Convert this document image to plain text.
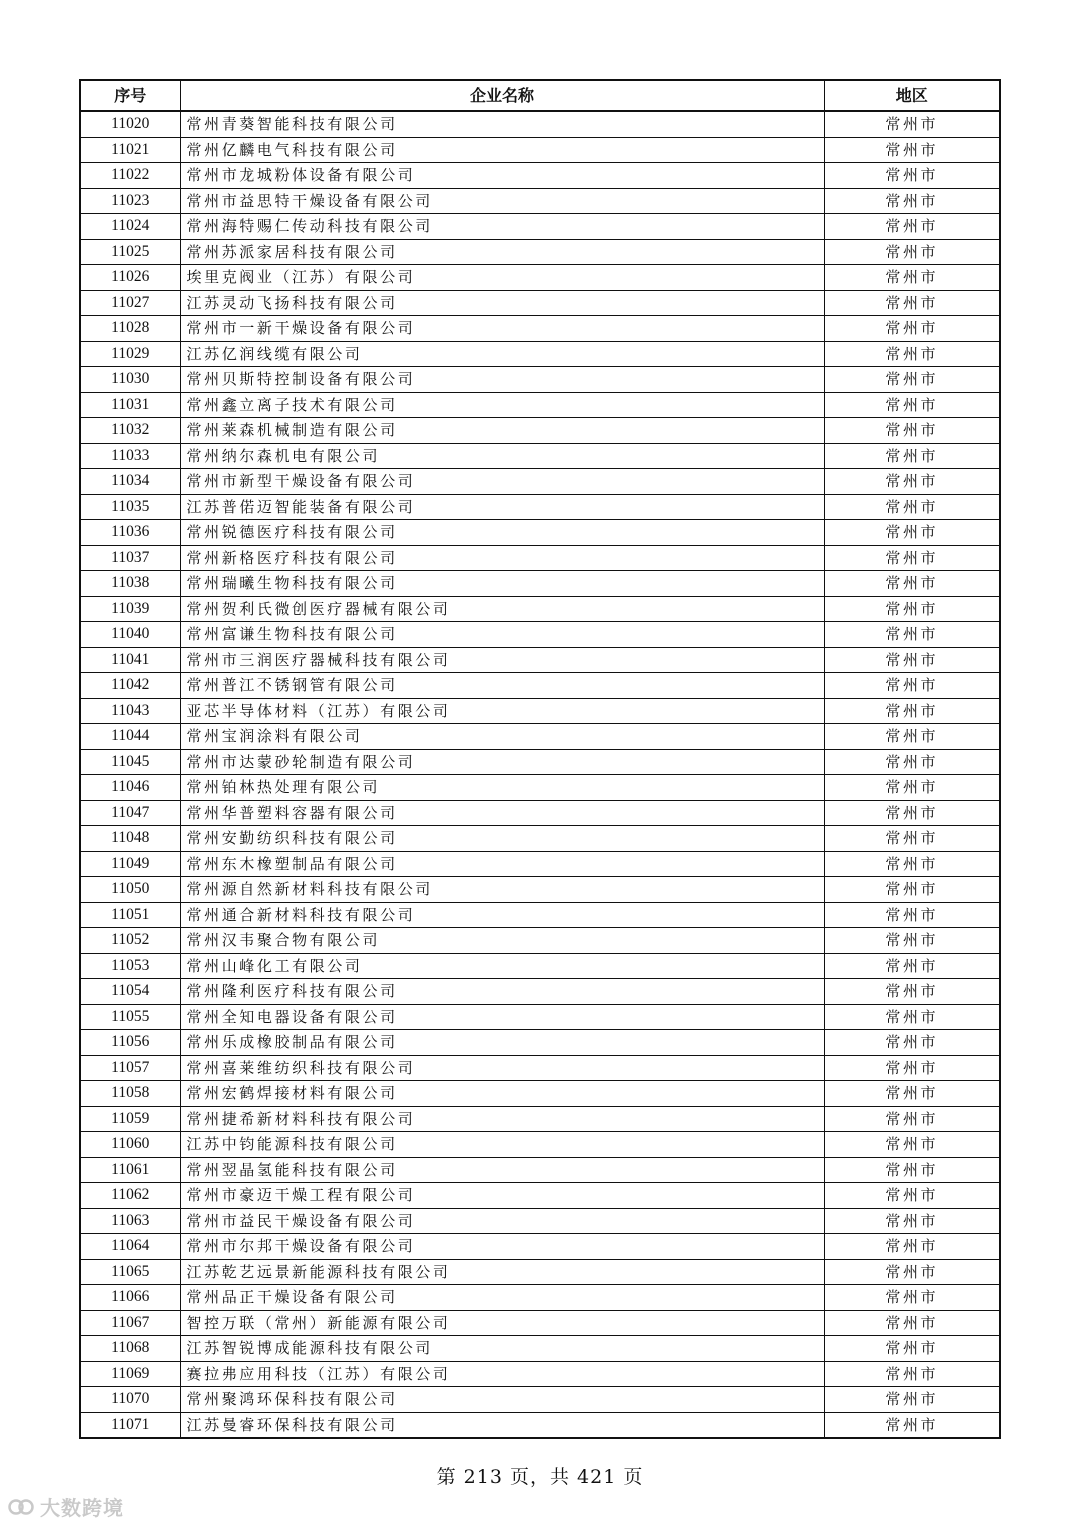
序号	企业名称	地区
11020	常州青葵智能科技有限公司	常州市
11021	常州亿麟电气科技有限公司	常州市
11022	常州市龙城粉体设备有限公司	常州市
11023	常州市益思特干燥设备有限公司	常州市
11024	常州海特赐仁传动科技有限公司	常州市
11025	常州苏派家居科技有限公司	常州市
11026	埃里克阀业（江苏）有限公司	常州市
11027	江苏灵动飞扬科技有限公司	常州市
11028	常州市一新干燥设备有限公司	常州市
11029	江苏亿润线缆有限公司	常州市
11030	常州贝斯特控制设备有限公司	常州市
11031	常州鑫立离子技术有限公司	常州市
11032	常州莱森机械制造有限公司	常州市
11033	常州纳尔森机电有限公司	常州市
11034	常州市新型干燥设备有限公司	常州市
11035	江苏普偌迈智能装备有限公司	常州市
11036	常州锐德医疗科技有限公司	常州市
11037	常州新格医疗科技有限公司	常州市
11038	常州瑞曦生物科技有限公司	常州市
11039	常州贺利氏微创医疗器械有限公司	常州市
11040	常州富谦生物科技有限公司	常州市
11041	常州市三润医疗器械科技有限公司	常州市
11042	常州普江不锈钢管有限公司	常州市
11043	亚芯半导体材料（江苏）有限公司	常州市
11044	常州宝润涂料有限公司	常州市
11045	常州市达蒙砂轮制造有限公司	常州市
11046	常州铂林热处理有限公司	常州市
11047	常州华普塑料容器有限公司	常州市
11048	常州安勤纺织科技有限公司	常州市
11049	常州东木橡塑制品有限公司	常州市
11050	常州源自然新材料科技有限公司	常州市
11051	常州通合新材料科技有限公司	常州市
11052	常州汉韦聚合物有限公司	常州市
11053	常州山峰化工有限公司	常州市
11054	常州隆利医疗科技有限公司	常州市
11055	常州全知电器设备有限公司	常州市
11056	常州乐成橡胶制品有限公司	常州市
11057	常州喜莱维纺织科技有限公司	常州市
11058	常州宏鹤焊接材料有限公司	常州市
11059	常州捷希新材料科技有限公司	常州市
11060	江苏中钧能源科技有限公司	常州市
11061	常州翌晶氢能科技有限公司	常州市
11062	常州市豪迈干燥工程有限公司	常州市
11063	常州市益民干燥设备有限公司	常州市
11064	常州市尔邦干燥设备有限公司	常州市
11065	江苏乾艺远景新能源科技有限公司	常州市
11066	常州品正干燥设备有限公司	常州市
11067	智控万联（常州）新能源有限公司	常州市
11068	江苏智锐博成能源科技有限公司	常州市
11069	赛拉弗应用科技（江苏）有限公司	常州市
11070	常州聚鸿环保科技有限公司	常州市
11071	江苏曼睿环保科技有限公司	常州市
第 213 页，共 421 页
大数跨境
